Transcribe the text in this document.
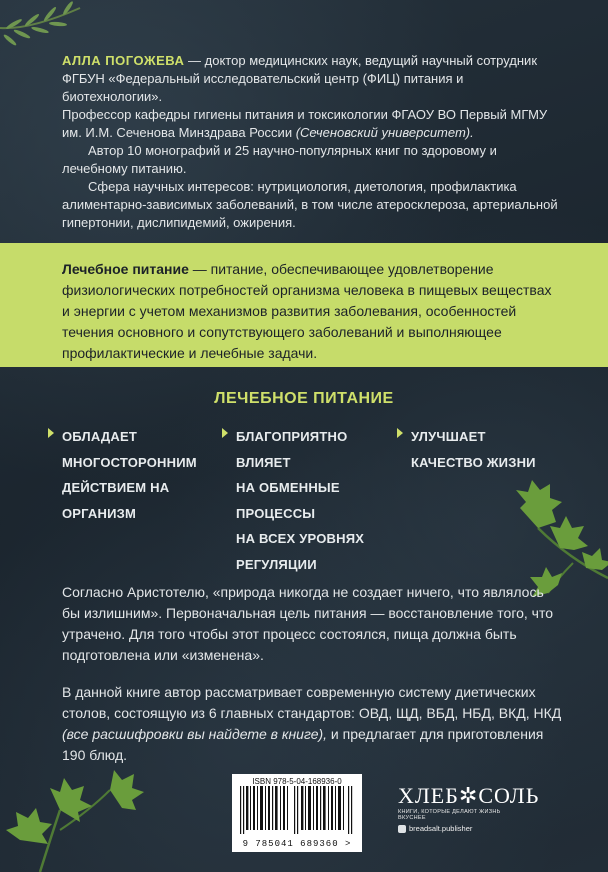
АЛЛА ПОГОЖЕВА — доктор медицинских наук, ведущий научный сотрудник ФГБУН «Федеральный исследовательский центр (ФИЦ) питания и биотехнологии».

Профессор кафедры гигиены питания и токсикологии ФГАОУ ВО Первый МГМУ им. И.М. Сеченова Минздрава России (Сеченовский университет).

Автор 10 монографий и 25 научно-популярных книг по здоровому и лечебному питанию.

Сфера научных интересов: нутрициология, диетология, профилактика алиментарно-зависимых заболеваний, в том числе атеросклероза, артериальной гипертонии, дислипидемий, ожирения.

Лечебное питание — питание, обеспечивающее удовлетворение физиологических потребностей организма человека в пищевых веществах и энергии с учетом механизмов развития заболевания, особенностей течения основного и сопутствующего заболеваний и выполняющее профилактические и лечебные задачи.
ЛЕЧЕБНОЕ ПИТАНИЕ
ОБЛАДАЕТ
МНОГОСТОРОННИМ
ДЕЙСТВИЕМ НА
ОРГАНИЗМ
БЛАГОПРИЯТНО
ВЛИЯЕТ
НА ОБМЕННЫЕ
ПРОЦЕССЫ
НА ВСЕХ УРОВНЯХ
РЕГУЛЯЦИИ
УЛУЧШАЕТ
КАЧЕСТВО ЖИЗНИ

Согласно Аристотелю, «природа никогда не создает ничего, что являлось бы излишним». Первоначальная цель питания — восстановление того, что утрачено. Для того чтобы этот процесс состоялся, пища должна быть подготовлена или «изменена».

В данной книге автор рассматривает современную систему диетических столов, состоящую из 6 главных стандартов: ОВД, ЩД, ВБД, НБД, ВКД, НКД (все расшифровки вы найдете в книге), и предлагает для приготовления 190 блюд.

ISBN 978-5-04-168936-0
9 785041 689360 >
ХЛЕБ✲СОЛЬ
КНИГИ, КОТОРЫЕ ДЕЛАЮТ ЖИЗНЬ ВКУСНЕЕ
breadsalt.publisher
